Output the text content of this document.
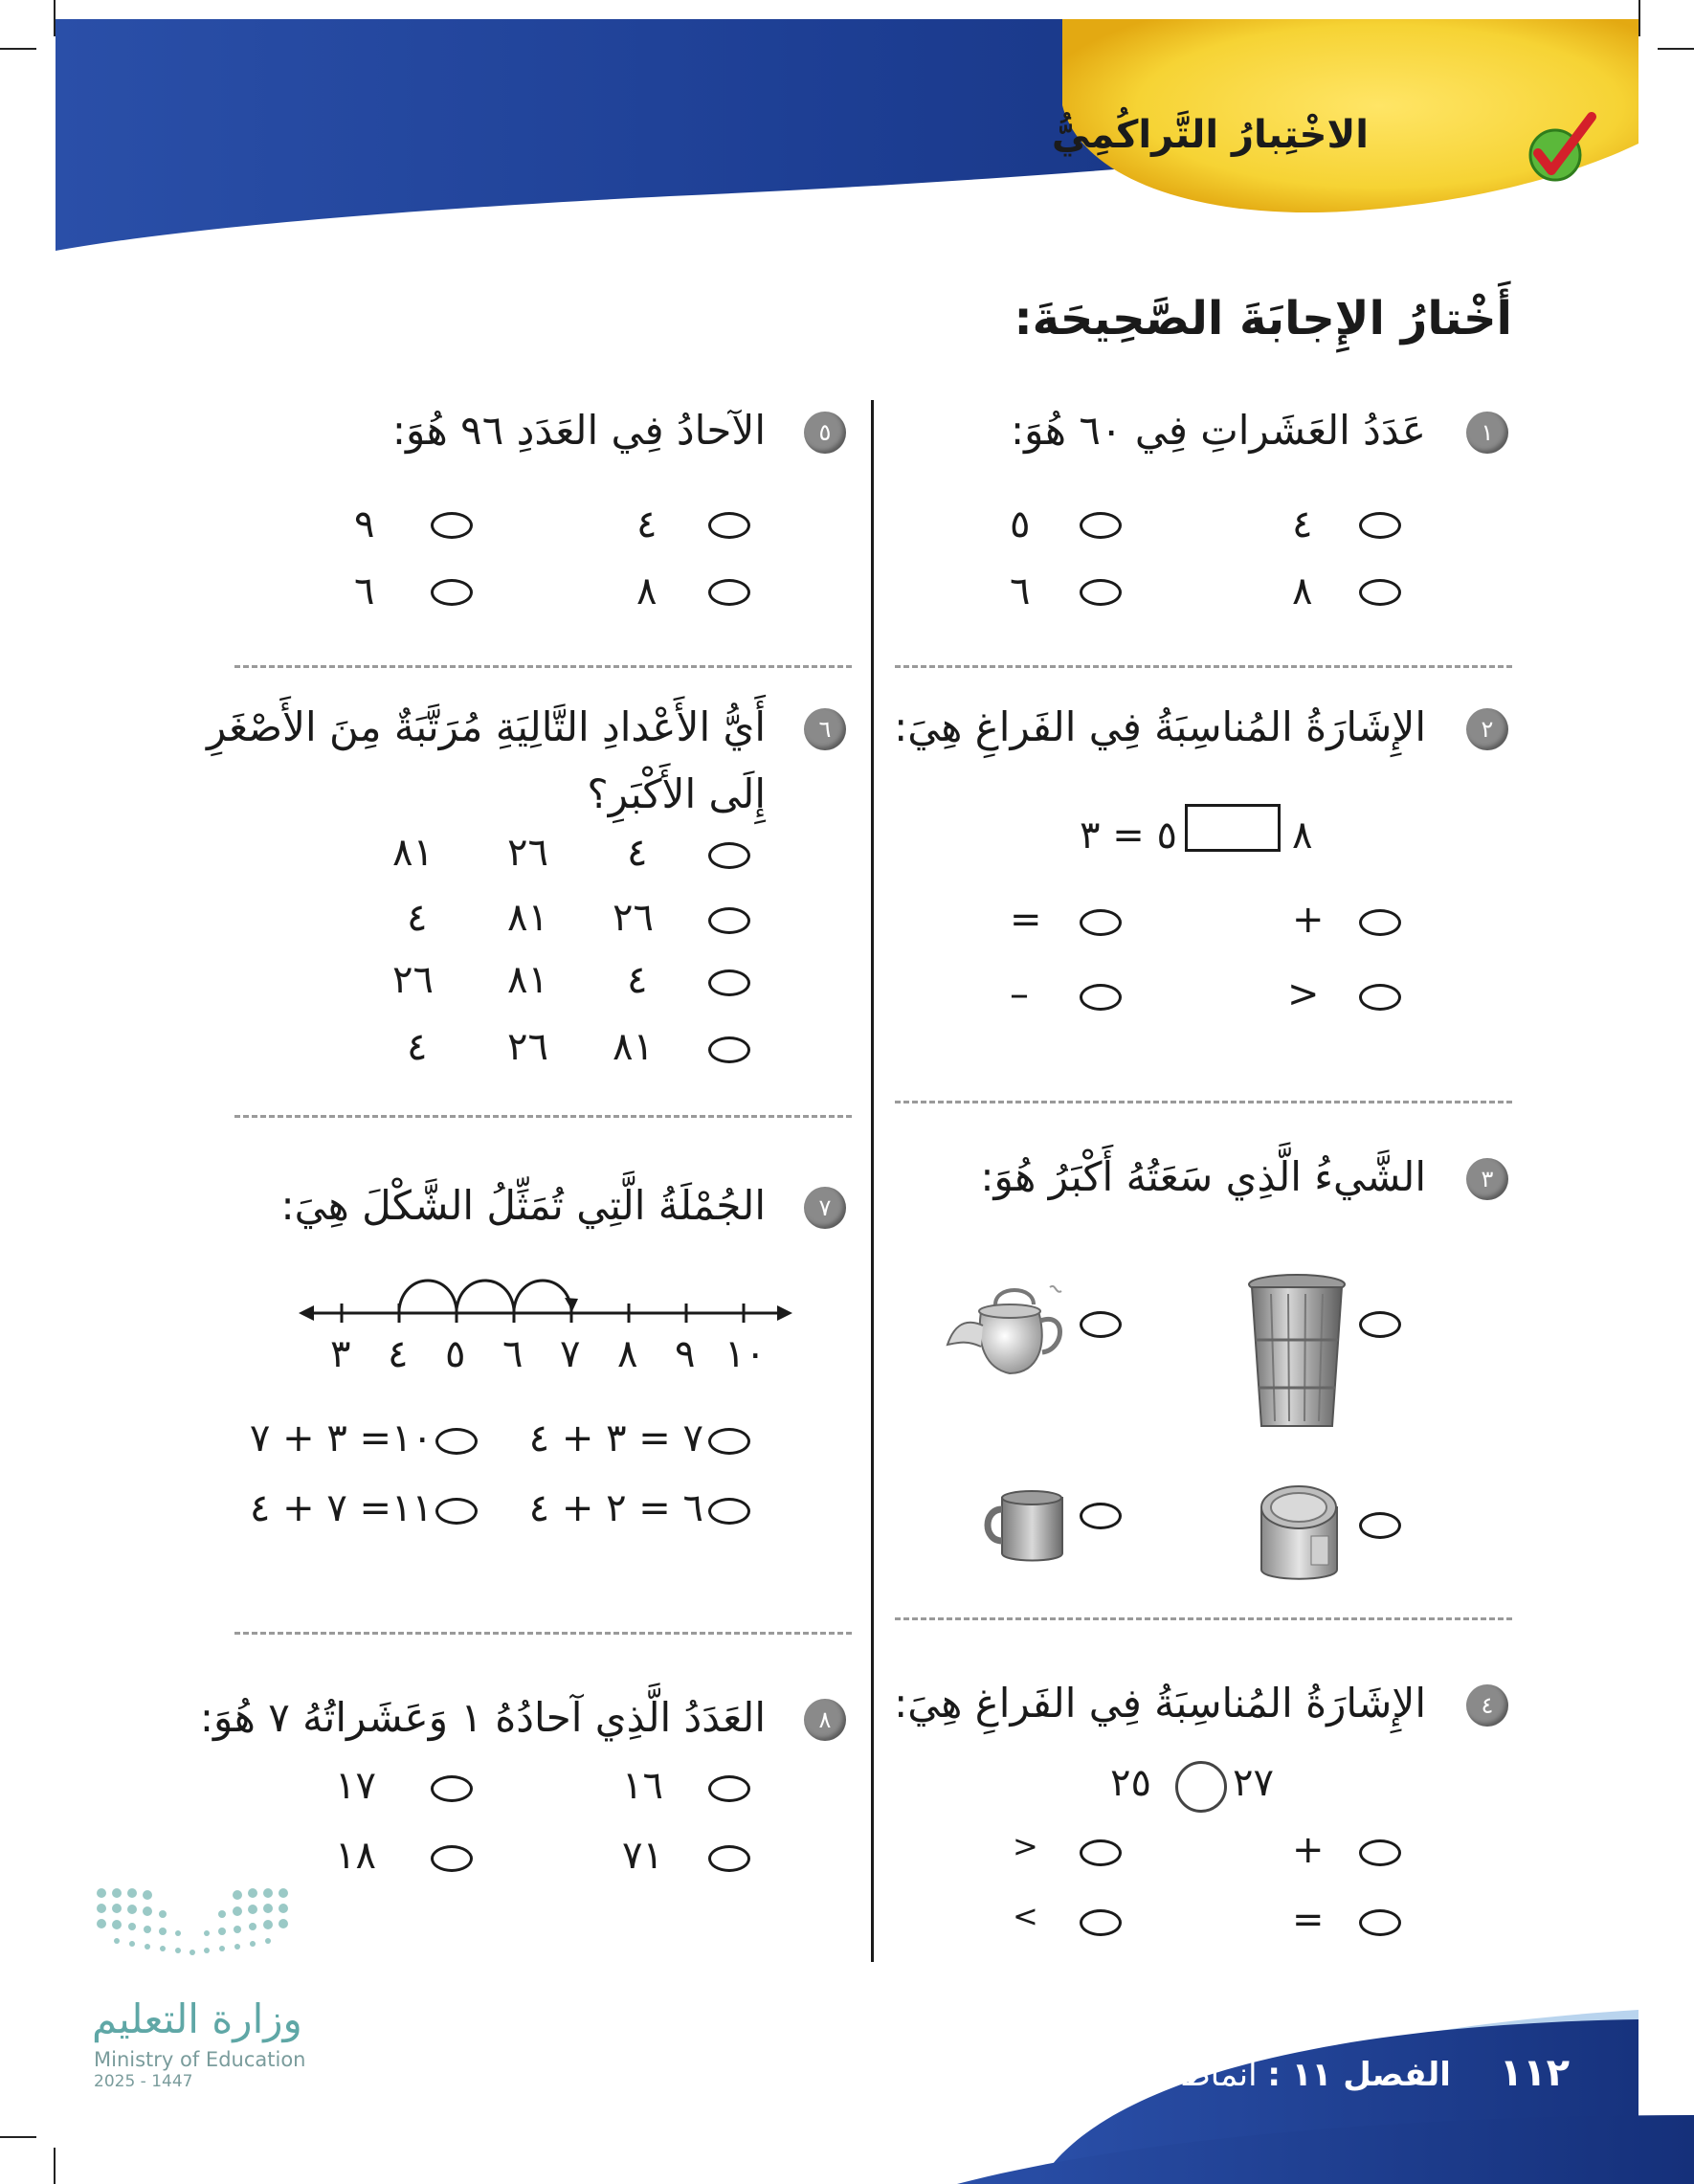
الاخْتِبارُ التَّراكُمِيُّ
أَخْتارُ الإِجابَةَ الصَّحِيحَةَ:
١
عَدَدُ العَشَراتِ فِي ٦٠ هُوَ:
٤
٥
٨
٦
٢
الإِشَارَةُ المُناسِبَةُ فِي الفَراغِ هِيَ:
٨
٥ = ٣
+
=
>
–
٣
الشَّيءُ الَّذِي سَعَتُهُ أَكْبَرُ هُوَ:
٤
الإِشَارَةُ المُناسِبَةُ فِي الفَراغِ هِيَ:
٢٧
٢٥
+
>
=
<
٥
الآحادُ فِي العَدَدِ ٩٦ هُوَ:
٤
٩
٨
٦
٦
أَيُّ الأَعْدادِ التَّالِيَةِ مُرَتَّبَةٌ مِنَ الأَصْغَرِ
إِلَى الأَكْبَرِ؟
٤
٢٦
٨١
٢٦
٨١
٤
٤
٨١
٢٦
٨١
٢٦
٤
٧
الجُمْلَةُ الَّتِي تُمَثِّلُ الشَّكْلَ هِيَ:
٣ ٤ ٥ ٦ ٧ ٨ ٩ ١٠
٧ = ٣ + ٤
١٠= ٣ + ٧
٦ = ٢ + ٤
١١= ٧ + ٤
٨
العَدَدُ الَّذِي آحادُهُ ١ وَعَشَراتُهُ ٧ هُوَ:
١٦
١٧
٧١
١٨
وزارة التعليم
Ministry of Education
2025 - 1447	١١٢ الفصل ١١ : أنماط الأعداد
